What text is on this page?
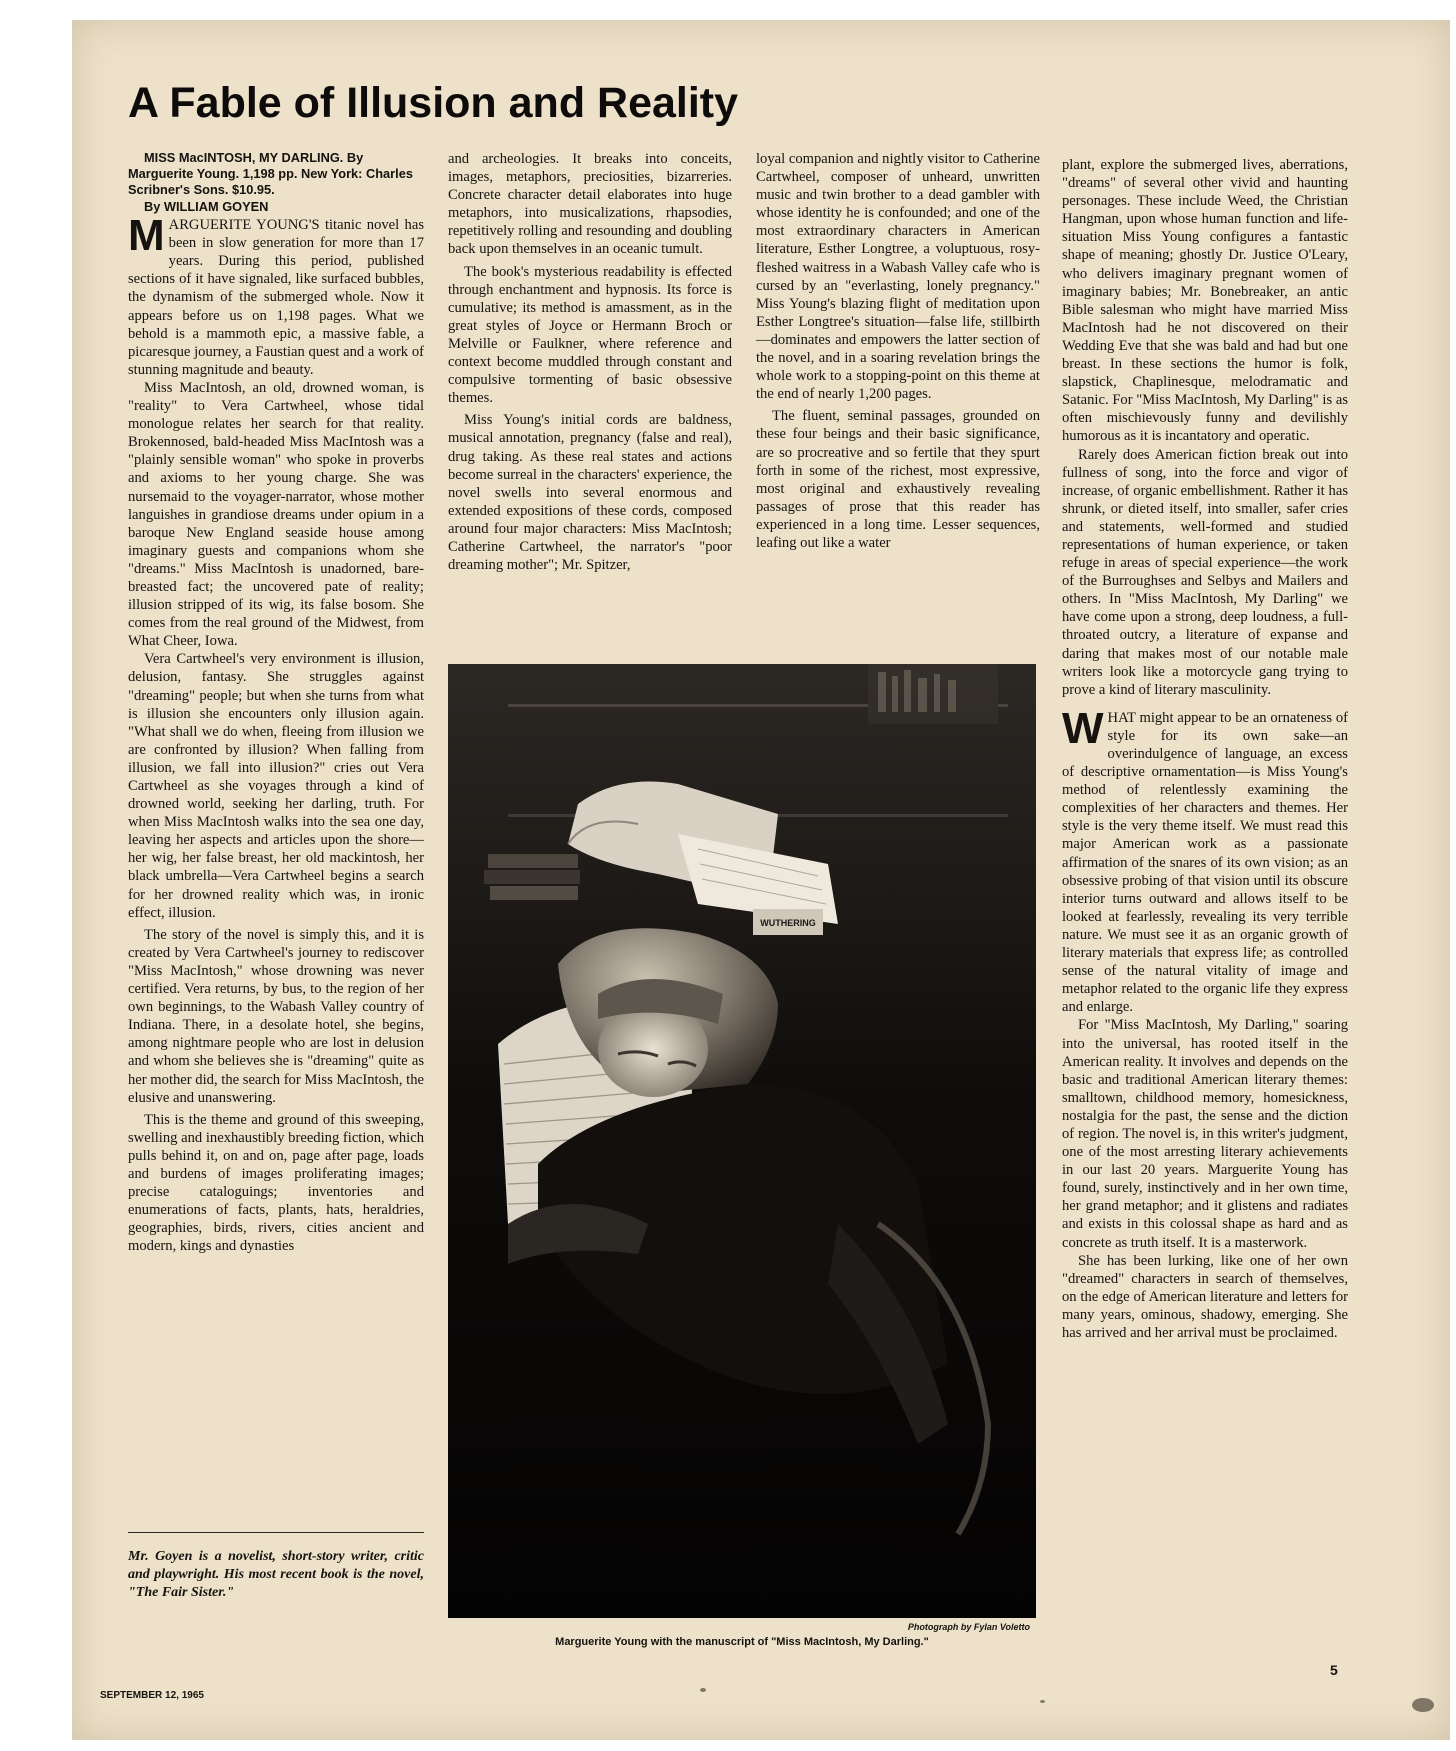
A Fable of Illusion and Reality

MISS MacINTOSH, MY DARLING. By Marguerite Young. 1,198 pp. New York: Charles Scribner's Sons. $10.95.

By WILLIAM GOYEN

MARGUERITE YOUNG'S titanic novel has been in slow generation for more than 17 years. During this period, published sections of it have signaled, like surfaced bubbles, the dynamism of the submerged whole. Now it appears before us on 1,198 pages. What we behold is a mammoth epic, a massive fable, a picaresque journey, a Faustian quest and a work of stunning magnitude and beauty.

Miss MacIntosh, an old, drowned woman, is "reality" to Vera Cartwheel, whose tidal monologue relates her search for that reality. Brokennosed, bald-headed Miss MacIntosh was a "plainly sensible woman" who spoke in proverbs and axioms to her young charge. She was nursemaid to the voyager-narrator, whose mother languishes in grandiose dreams under opium in a baroque New England seaside house among imaginary guests and companions whom she "dreams." Miss MacIntosh is unadorned, bare-breasted fact; the uncovered pate of reality; illusion stripped of its wig, its false bosom. She comes from the real ground of the Midwest, from What Cheer, Iowa.

Vera Cartwheel's very environment is illusion, delusion, fantasy. She struggles against "dreaming" people; but when she turns from what is illusion she encounters only illusion again. "What shall we do when, fleeing from illusion we are confronted by illusion? When falling from illusion, we fall into illusion?" cries out Vera Cartwheel as she voyages through a kind of drowned world, seeking her darling, truth. For when Miss MacIntosh walks into the sea one day, leaving her aspects and articles upon the shore—her wig, her false breast, her old mackintosh, her black umbrella—Vera Cartwheel begins a search for her drowned reality which was, in ironic effect, illusion.

The story of the novel is simply this, and it is created by Vera Cartwheel's journey to rediscover "Miss MacIntosh," whose drowning was never certified. Vera returns, by bus, to the region of her own beginnings, to the Wabash Valley country of Indiana. There, in a desolate hotel, she begins, among nightmare people who are lost in delusion and whom she believes she is "dreaming" quite as her mother did, the search for Miss MacIntosh, the elusive and unanswering.

This is the theme and ground of this sweeping, swelling and inexhaustibly breeding fiction, which pulls behind it, on and on, page after page, loads and burdens of images proliferating images; precise cataloguings; inventories and enumerations of facts, plants, hats, heraldries, geographies, birds, rivers, cities ancient and modern, kings and dynasties

Mr. Goyen is a novelist, short-story writer, critic and playwright. His most recent book is the novel, "The Fair Sister."

and archeologies. It breaks into conceits, images, metaphors, preciosities, bizarreries. Concrete character detail elaborates into huge metaphors, into musicalizations, rhapsodies, repetitively rolling and resounding and doubling back upon themselves in an oceanic tumult.

The book's mysterious readability is effected through enchantment and hypnosis. Its force is cumulative; its method is amassment, as in the great styles of Joyce or Hermann Broch or Melville or Faulkner, where reference and context become muddled through constant and compulsive tormenting of basic obsessive themes.

Miss Young's initial cords are baldness, musical annotation, pregnancy (false and real), drug taking. As these real states and actions become surreal in the characters' experience, the novel swells into several enormous and extended expositions of these cords, composed around four major characters: Miss MacIntosh; Catherine Cartwheel, the narrator's "poor dreaming mother"; Mr. Spitzer,

loyal companion and nightly visitor to Catherine Cartwheel, composer of unheard, unwritten music and twin brother to a dead gambler with whose identity he is confounded; and one of the most extraordinary characters in American literature, Esther Longtree, a voluptuous, rosy-fleshed waitress in a Wabash Valley cafe who is cursed by an "everlasting, lonely pregnancy." Miss Young's blazing flight of meditation upon Esther Longtree's situation—false life, stillbirth—dominates and empowers the latter section of the novel, and in a soaring revelation brings the whole work to a stopping-point on this theme at the end of nearly 1,200 pages.

The fluent, seminal passages, grounded on these four beings and their basic significance, are so procreative and so fertile that they spurt forth in some of the richest, most expressive, most original and exhaustively revealing passages of prose that this reader has experienced in a long time. Lesser sequences, leafing out like a water

plant, explore the submerged lives, aberrations, "dreams" of several other vivid and haunting personages. These include Weed, the Christian Hangman, upon whose human function and life-situation Miss Young configures a fantastic shape of meaning; ghostly Dr. Justice O'Leary, who delivers imaginary pregnant women of imaginary babies; Mr. Bonebreaker, an antic Bible salesman who might have married Miss MacIntosh had he not discovered on their Wedding Eve that she was bald and had but one breast. In these sections the humor is folk, slapstick, Chaplinesque, melodramatic and Satanic. For "Miss MacIntosh, My Darling" is as often mischievously funny and devilishly humorous as it is incantatory and operatic.

Rarely does American fiction break out into fullness of song, into the force and vigor of increase, of organic embellishment. Rather it has shrunk, or dieted itself, into smaller, safer cries and statements, well-formed and studied representations of human experience, or taken refuge in areas of special experience—the work of the Burroughses and Selbys and Mailers and others. In "Miss MacIntosh, My Darling" we have come upon a strong, deep loudness, a full-throated outcry, a literature of expanse and daring that makes most of our notable male writers look like a motorcycle gang trying to prove a kind of literary masculinity.

WHAT might appear to be an ornateness of style for its own sake—an overindulgence of language, an excess of descriptive ornamentation—is Miss Young's method of relentlessly examining the complexities of her characters and themes. Her style is the very theme itself. We must read this major American work as a passionate affirmation of the snares of its own vision; as an obsessive probing of that vision until its obscure interior turns outward and allows itself to be looked at fearlessly, revealing its very terrible nature. We must see it as an organic growth of literary materials that express life; as controlled sense of the natural vitality of image and metaphor related to the organic life they express and enlarge.

For "Miss MacIntosh, My Darling," soaring into the universal, has rooted itself in the American reality. It involves and depends on the basic and traditional American literary themes: smalltown, childhood memory, homesickness, nostalgia for the past, the sense and the diction of region. The novel is, in this writer's judgment, one of the most arresting literary achievements in our last 20 years. Marguerite Young has found, surely, instinctively and in her own time, her grand metaphor; and it glistens and radiates and exists in this colossal shape as hard and as concrete as truth itself. It is a masterwork.

She has been lurking, like one of her own "dreamed" characters in search of themselves, on the edge of American literature and letters for many years, ominous, shadowy, emerging. She has arrived and her arrival must be proclaimed.

WUTHERING
Photograph by Fylan Voletto
Marguerite Young with the manuscript of "Miss MacIntosh, My Darling."
SEPTEMBER 12, 1965
5
